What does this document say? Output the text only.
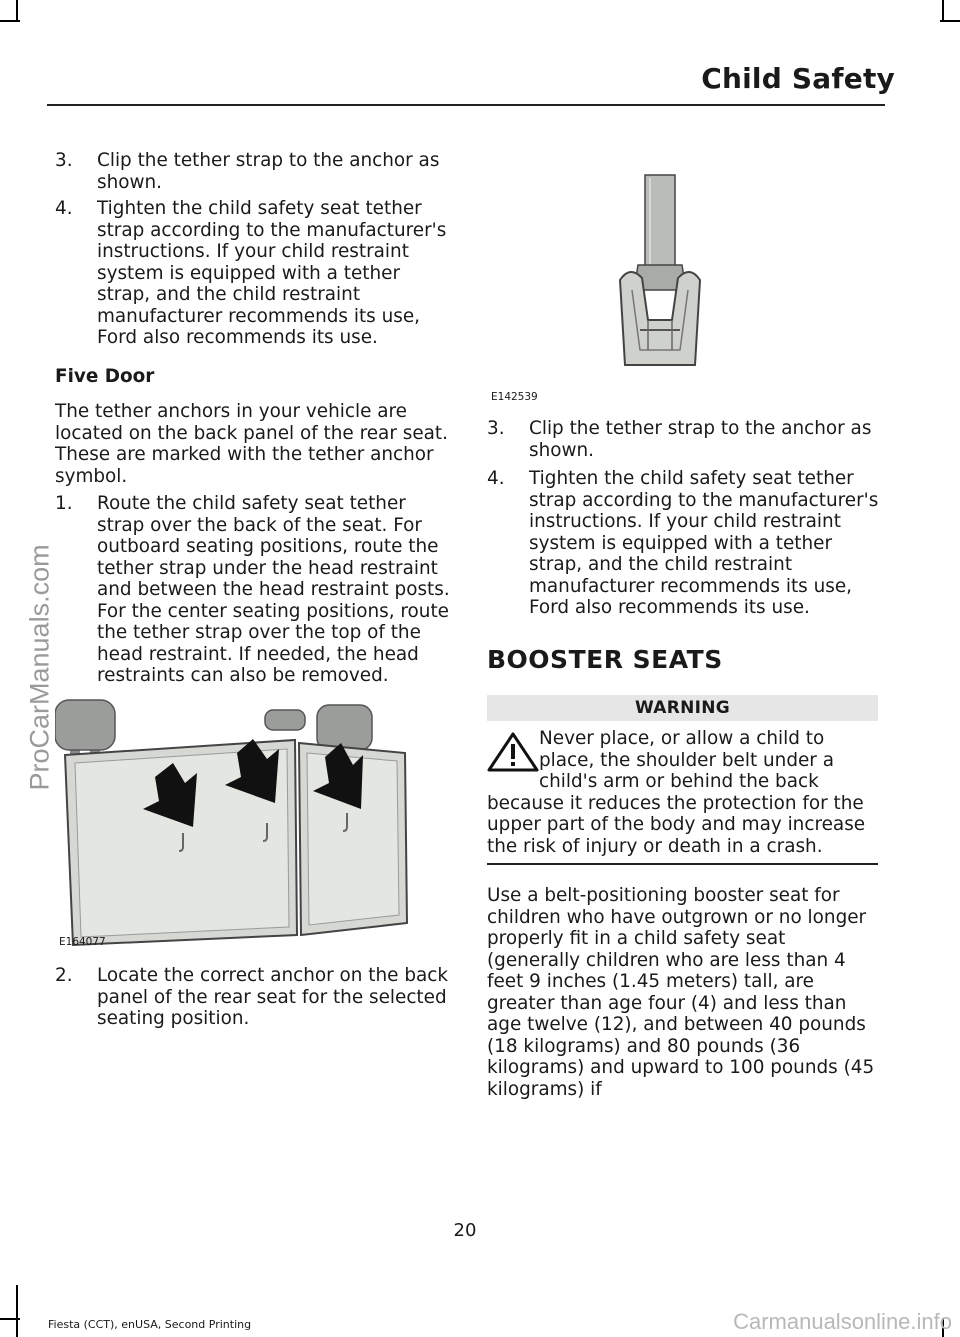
Child Safety
ProCarManuals.com
3. Clip the tether strap to the anchor as shown.
4. Tighten the child safety seat tether strap according to the manufacturer's instructions. If your child restraint system is equipped with a tether strap, and the child restraint manufacturer recommends its use, Ford also recommends its use.
Five Door
The tether anchors in your vehicle are located on the back panel of the rear seat. These are marked with the tether anchor symbol.
1. Route the child safety seat tether strap over the back of the seat. For outboard seating positions, route the tether strap under the head restraint and between the head restraint posts. For the center seating positions, route the tether strap over the top of the head restraint. If needed, the head restraints can also be removed.
E164077
2. Locate the correct anchor on the back panel of the rear seat for the selected seating position.
E142539
3. Clip the tether strap to the anchor as shown.
4. Tighten the child safety seat tether strap according to the manufacturer's instructions. If your child restraint system is equipped with a tether strap, and the child restraint manufacturer recommends its use, Ford also recommends its use.
BOOSTER SEATS
WARNING
Never place, or allow a child to place, the shoulder belt under a child's arm or behind the back because it reduces the protection for the upper part of the body and may increase the risk of injury or death in a crash.
Use a belt-positioning booster seat for children who have outgrown or no longer properly fit in a child safety seat (generally children who are less than 4 feet 9 inches (1.45 meters) tall, are greater than age four (4) and less than age twelve (12), and between 40 pounds (18 kilograms) and 80 pounds (36 kilograms) and upward to 100 pounds (45 kilograms) if
20
Fiesta (CCT), enUSA, Second Printing	Carmanualsonline.info
